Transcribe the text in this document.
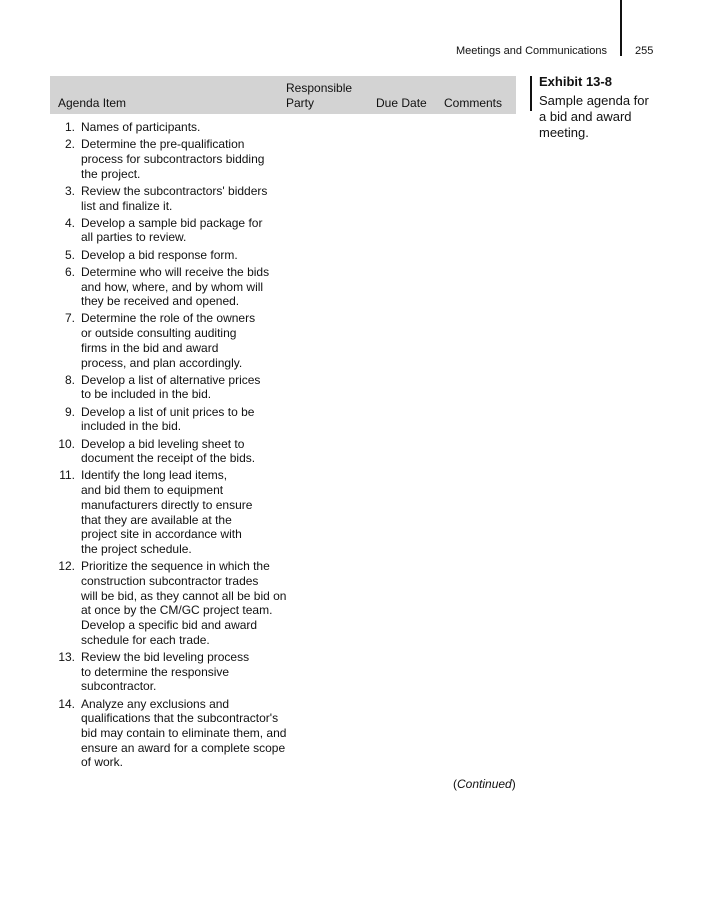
Meetings and Communications	255
Agenda Item
Responsible
Party	Due Date Comments
1. Names of participants.
2. Determine the pre-qualification
process for subcontractors bidding
the project.
3. Review the subcontractors' bidders
list and finalize it.
4. Develop a sample bid package for
all parties to review.
5. Develop a bid response form.
6. Determine who will receive the bids
and how, where, and by whom will
they be received and opened.
7. Determine the role of the owners
or outside consulting auditing
firms in the bid and award
process, and plan accordingly.
8. Develop a list of alternative prices
to be included in the bid.
9. Develop a list of unit prices to be
included in the bid.
10. Develop a bid leveling sheet to
document the receipt of the bids.
11. Identify the long lead items,
and bid them to equipment
manufacturers directly to ensure
that they are available at the
project site in accordance with
the project schedule.
12. Prioritize the sequence in which the
construction subcontractor trades
will be bid, as they cannot all be bid on
at once by the CM/GC project team.
Develop a specific bid and award
schedule for each trade.
13. Review the bid leveling process
to determine the responsive
subcontractor.
14. Analyze any exclusions and
qualifications that the subcontractor's
bid may contain to eliminate them, and
ensure an award for a complete scope
of work.
(Continued)
Exhibit 13-8
Sample agenda for a bid and award meeting.
